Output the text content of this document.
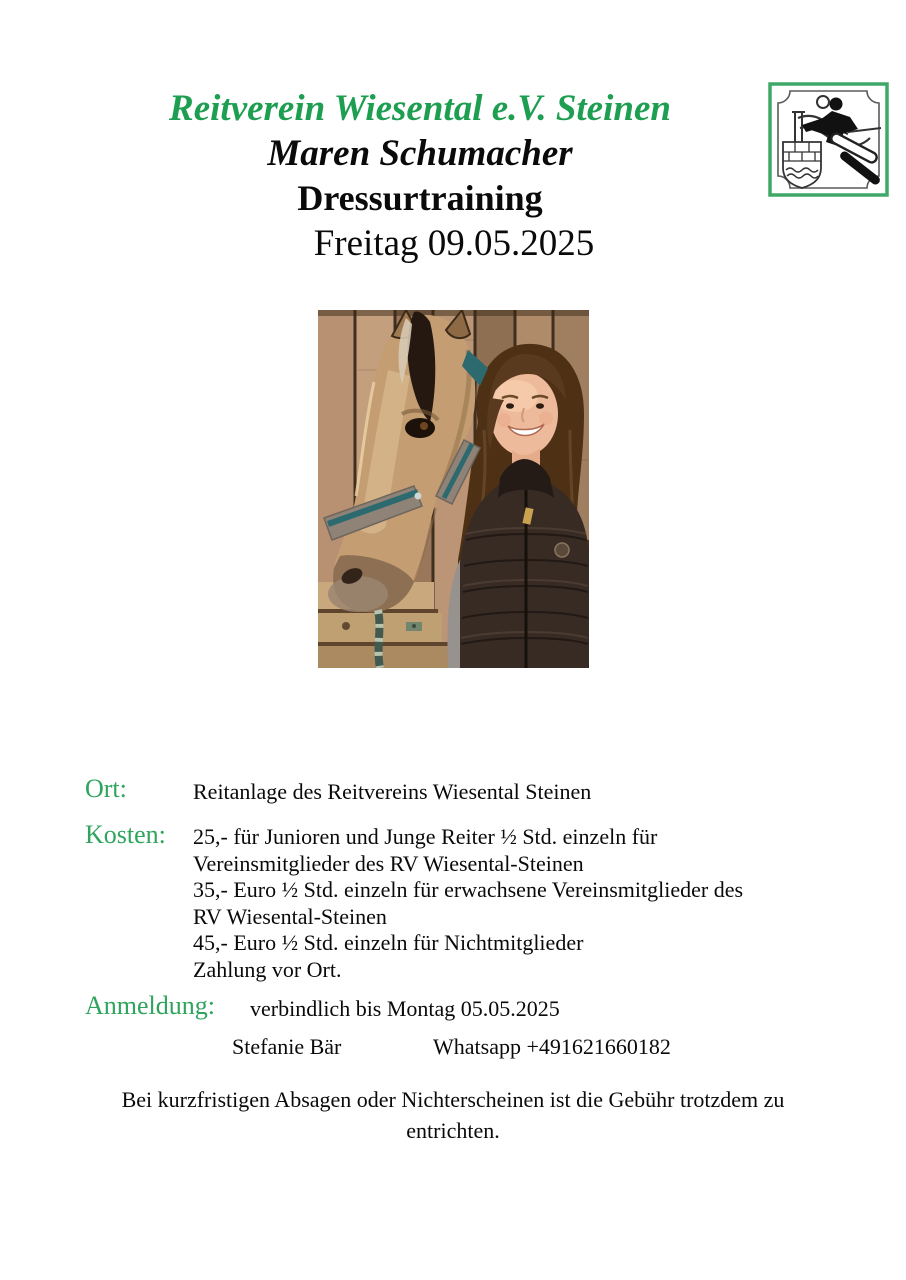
Reitverein Wiesental e.V. Steinen
Maren Schumacher
Dressurtraining
Freitag 09.05.2025
Ort:	Reitanlage des Reitvereins Wiesental Steinen
Kosten: 25,- für Junioren und Junge Reiter ½ Std. einzeln für
Vereinsmitglieder des RV Wiesental-Steinen
35,- Euro ½ Std. einzeln für erwachsene Vereinsmitglieder des
RV Wiesental-Steinen
45,- Euro ½ Std. einzeln für Nichtmitglieder
Zahlung vor Ort.
Anmeldung: verbindlich bis Montag 05.05.2025
Stefanie Bär	Whatsapp +491621660182
Bei kurzfristigen Absagen oder Nichterscheinen ist die Gebühr trotzdem zu entrichten.
